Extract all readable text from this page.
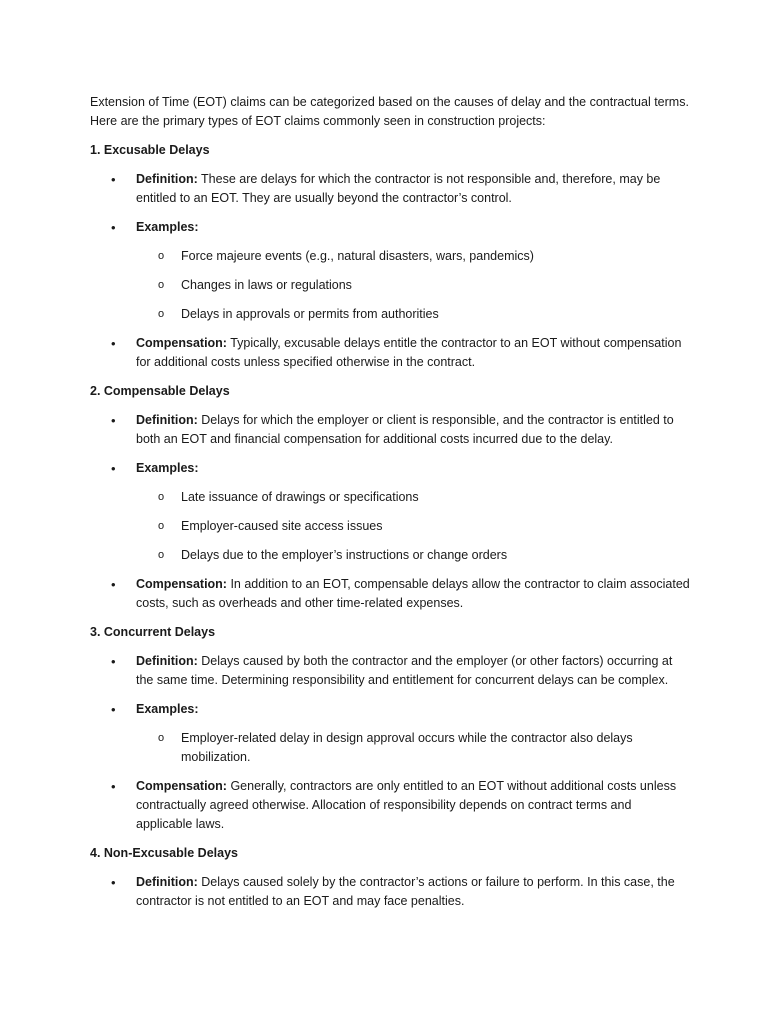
Extension of Time (EOT) claims can be categorized based on the causes of delay and the contractual terms. Here are the primary types of EOT claims commonly seen in construction projects:

1. Excusable Delays

• Definition: These are delays for which the contractor is not responsible and, therefore, may be entitled to an EOT. They are usually beyond the contractor’s control.
• Examples:
o Force majeure events (e.g., natural disasters, wars, pandemics)
o Changes in laws or regulations
o Delays in approvals or permits from authorities
• Compensation: Typically, excusable delays entitle the contractor to an EOT without compensation for additional costs unless specified otherwise in the contract.

2. Compensable Delays

• Definition: Delays for which the employer or client is responsible, and the contractor is entitled to both an EOT and financial compensation for additional costs incurred due to the delay.
• Examples:
o Late issuance of drawings or specifications
o Employer-caused site access issues
o Delays due to the employer’s instructions or change orders
• Compensation: In addition to an EOT, compensable delays allow the contractor to claim associated costs, such as overheads and other time-related expenses.

3. Concurrent Delays

• Definition: Delays caused by both the contractor and the employer (or other factors) occurring at the same time. Determining responsibility and entitlement for concurrent delays can be complex.
• Examples:
o Employer-related delay in design approval occurs while the contractor also delays mobilization.
• Compensation: Generally, contractors are only entitled to an EOT without additional costs unless contractually agreed otherwise. Allocation of responsibility depends on contract terms and applicable laws.

4. Non-Excusable Delays

• Definition: Delays caused solely by the contractor’s actions or failure to perform. In this case, the contractor is not entitled to an EOT and may face penalties.
